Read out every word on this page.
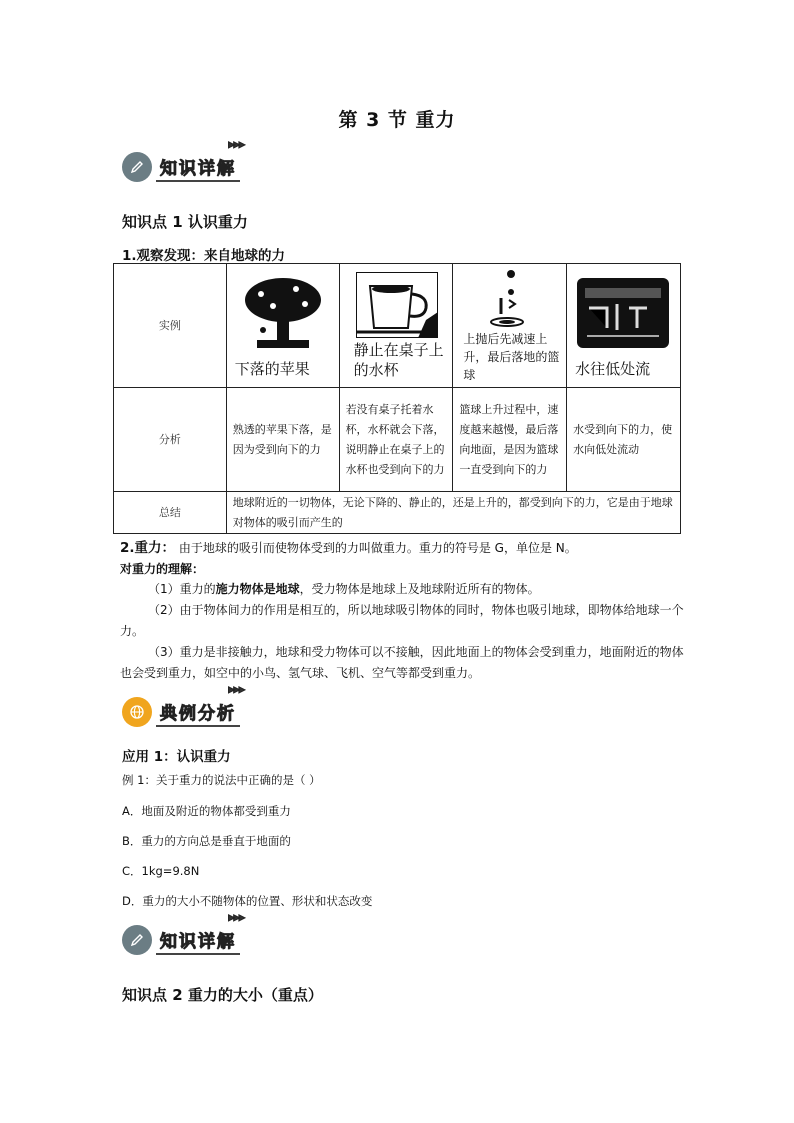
第 3 节 重力
知识详解
▶▶▶
知识点 1 认识重力
1.观察发现：来自地球的力
实例	下落的苹果	静止在桌子上的水杯	上抛后先减速上升，最后落地的篮球	水往低处流

分析	熟透的苹果下落，是因为受到向下的力	若没有桌子托着水杯，水杯就会下落，说明静止在桌子上的水杯也受到向下的力	篮球上升过程中，速度越来越慢，最后落向地面，是因为篮球一直受到向下的力	水受到向下的力，使水向低处流动
总结	地球附近的一切物体，无论下降的、静止的，还是上升的，都受到向下的力，它是由于地球对物体的吸引而产生的			
2.重力： 由于地球的吸引而使物体受到的力叫做重力。重力的符号是 G，单位是 N。
对重力的理解：
（1）重力的施力物体是地球，受力物体是地球上及地球附近所有的物体。
（2）由于物体间力的作用是相互的，所以地球吸引物体的同时，物体也吸引地球，即物体给地球一个力。
（3）重力是非接触力，地球和受力物体可以不接触，因此地面上的物体会受到重力，地面附近的物体也会受到重力，如空中的小鸟、氢气球、飞机、空气等都受到重力。
典例分析
▶▶▶
应用 1：认识重力
例 1：关于重力的说法中正确的是（ ）
A．地面及附近的物体都受到重力
B．重力的方向总是垂直于地面的
C．1kg=9.8N
D．重力的大小不随物体的位置、形状和状态改变
知识详解
▶▶▶
知识点 2 重力的大小（重点）
